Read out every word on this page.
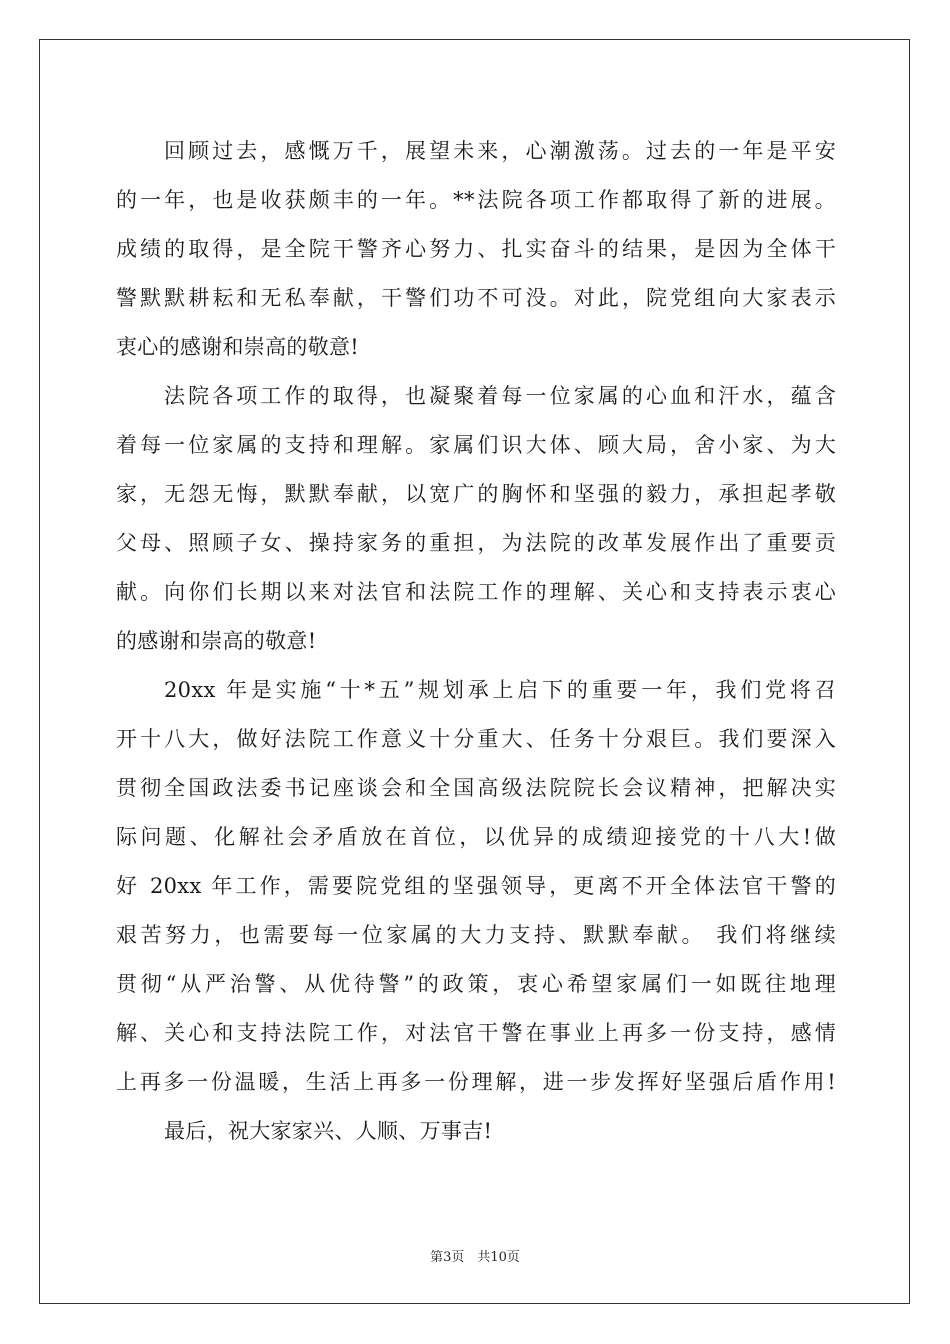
回顾过去，感慨万千，展望未来，心潮激荡。过去的一年是平安
的一年，也是收获颇丰的一年。**法院各项工作都取得了新的进展。
成绩的取得，是全院干警齐心努力、扎实奋斗的结果，是因为全体干
警默默耕耘和无私奉献，干警们功不可没。对此，院党组向大家表示
衷心的感谢和崇高的敬意!
法院各项工作的取得，也凝聚着每一位家属的心血和汗水，蕴含
着每一位家属的支持和理解。家属们识大体、顾大局，舍小家、为大
家，无怨无悔，默默奉献，以宽广的胸怀和坚强的毅力，承担起孝敬
父母、照顾子女、操持家务的重担，为法院的改革发展作出了重要贡
献。向你们长期以来对法官和法院工作的理解、关心和支持表示衷心
的感谢和崇高的敬意!
20xx 年是实施“十*五”规划承上启下的重要一年，我们党将召
开十八大，做好法院工作意义十分重大、任务十分艰巨。我们要深入
贯彻全国政法委书记座谈会和全国高级法院院长会议精神，把解决实
际问题、化解社会矛盾放在首位，以优异的成绩迎接党的十八大!做
好 20xx 年工作，需要院党组的坚强领导，更离不开全体法官干警的
艰苦努力，也需要每一位家属的大力支持、默默奉献。 我们将继续
贯彻“从严治警、从优待警”的政策，衷心希望家属们一如既往地理
解、关心和支持法院工作，对法官干警在事业上再多一份支持，感情
上再多一份温暖，生活上再多一份理解，进一步发挥好坚强后盾作用!
最后，祝大家家兴、人顺、万事吉!
第3页　共10页
